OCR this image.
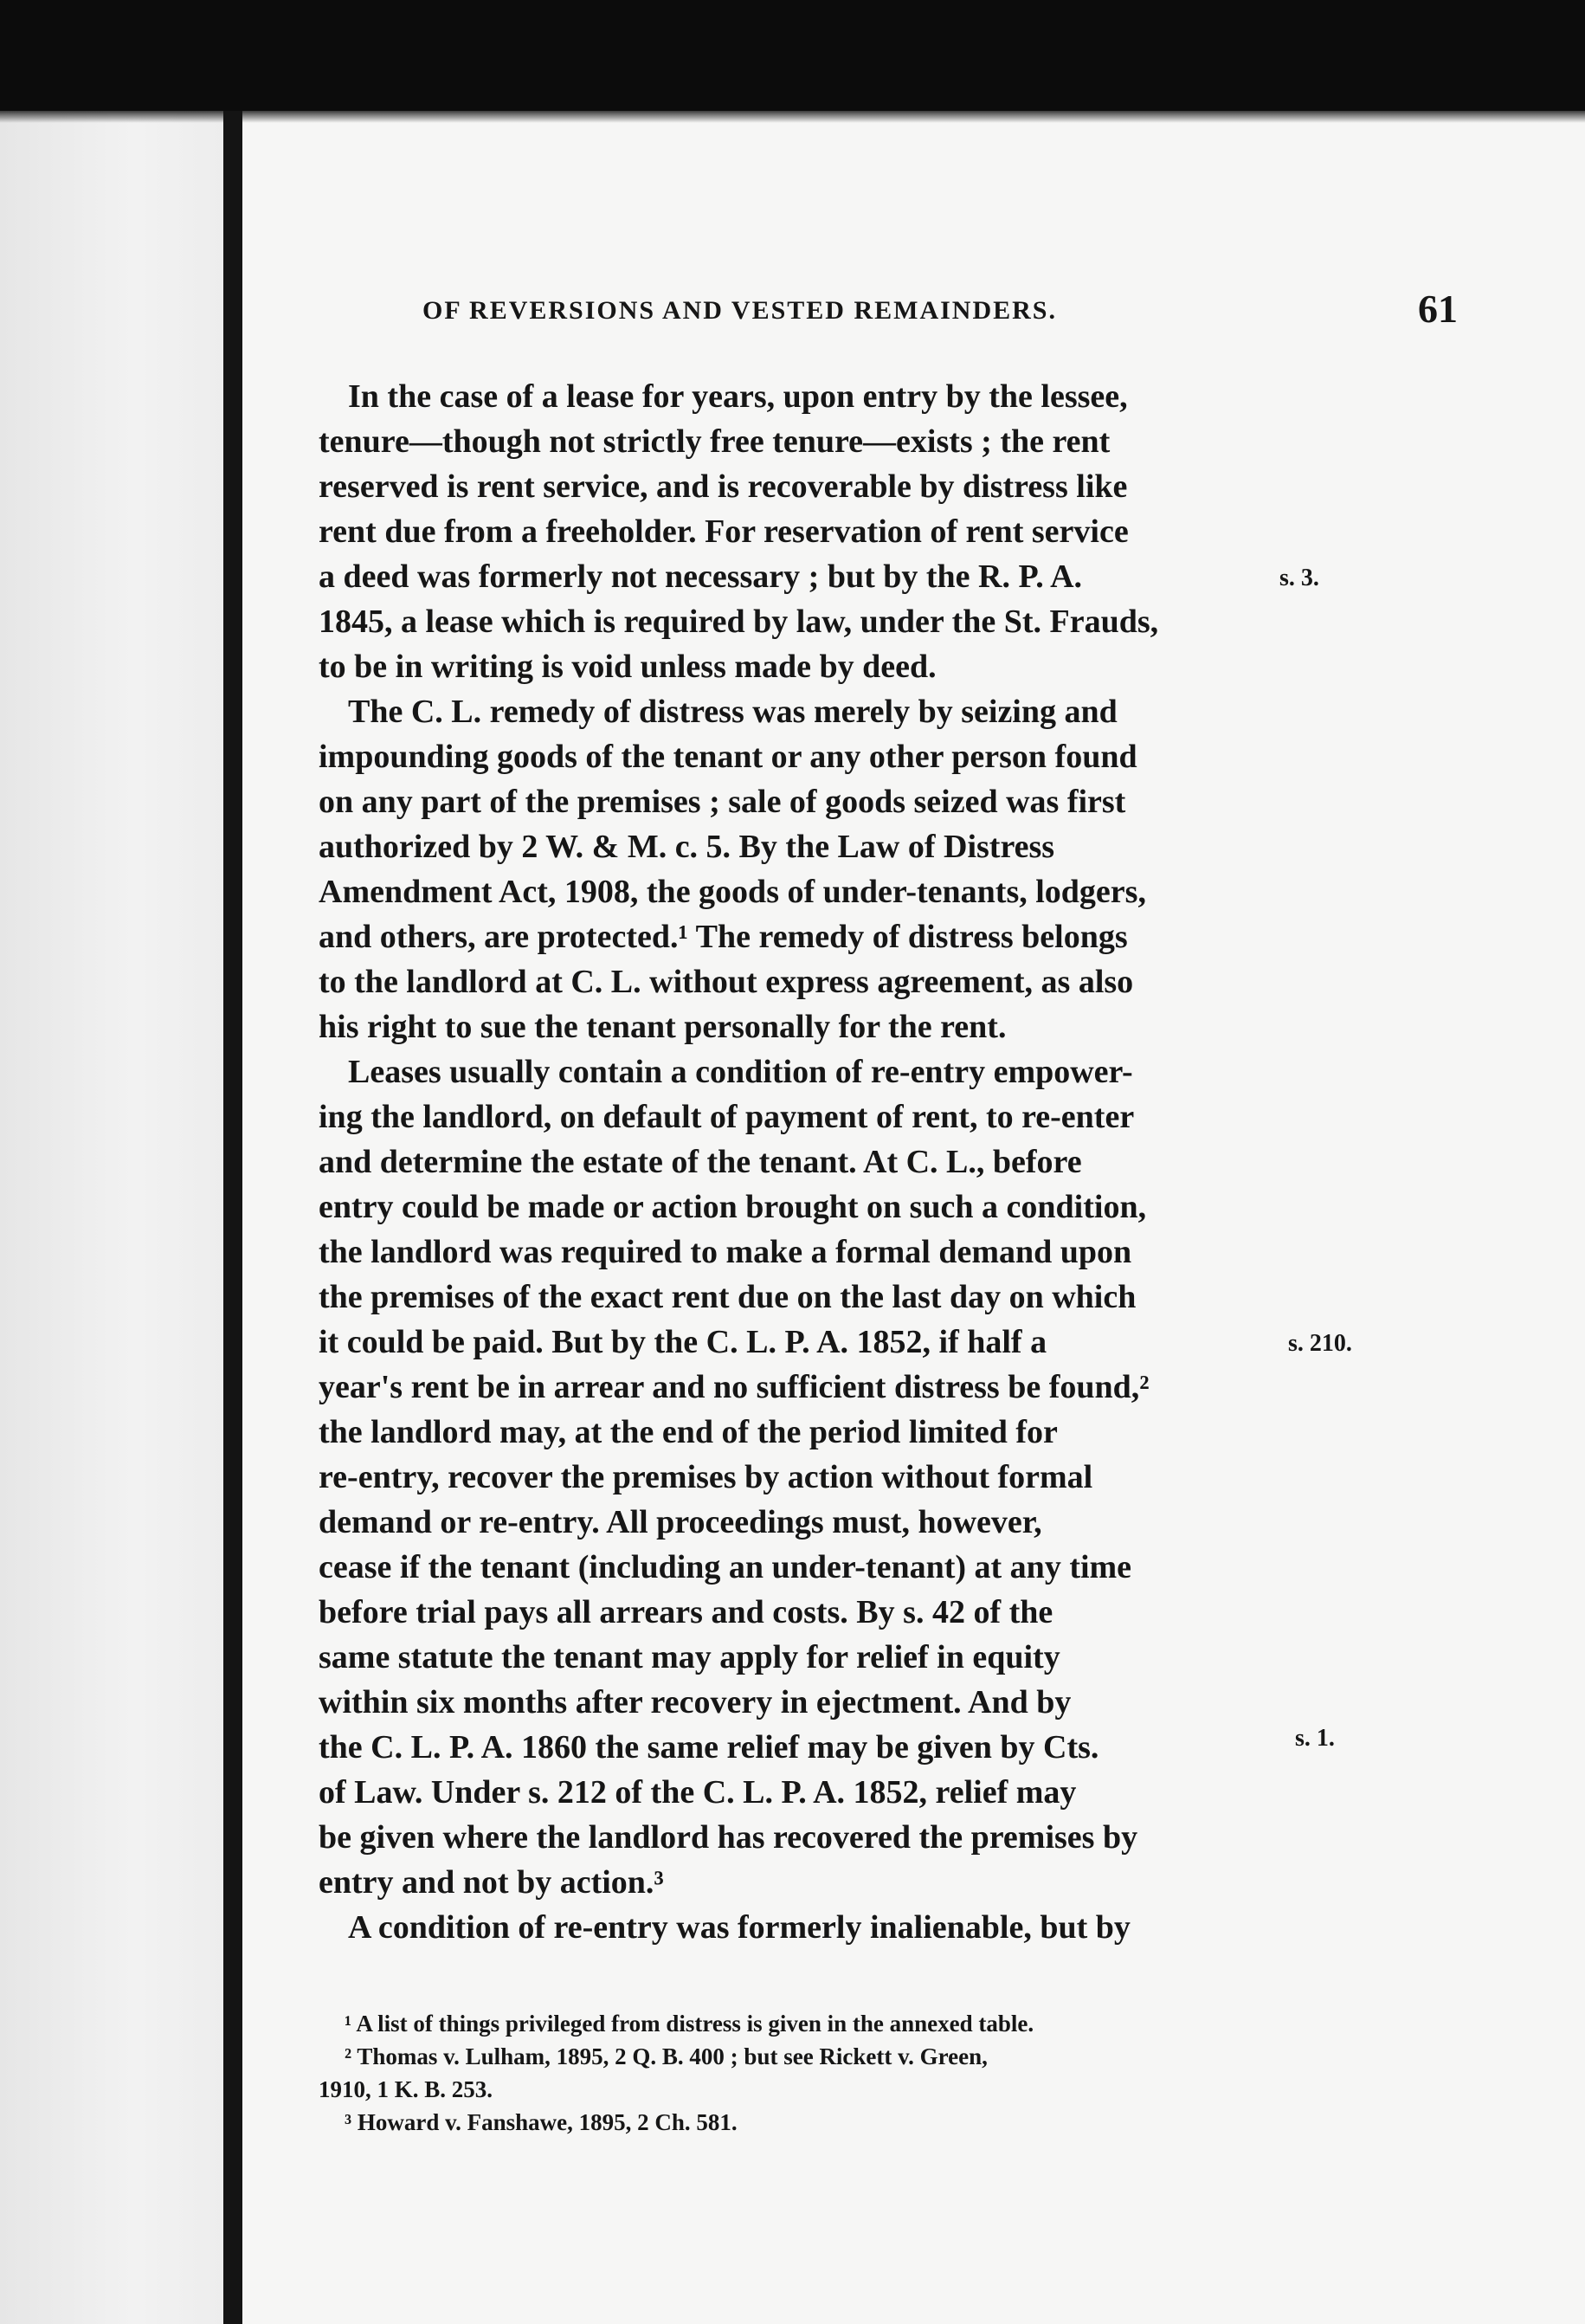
OF REVERSIONS AND VESTED REMAINDERS.	61
In the case of a lease for years, upon entry by the lessee,
tenure—though not strictly free tenure—exists ; the rent
reserved is rent service, and is recoverable by distress like
rent due from a freeholder. For reservation of rent service
a deed was formerly not necessary ; but by the R. P. A.
1845, a lease which is required by law, under the St. Frauds,
to be in writing is void unless made by deed.
The C. L. remedy of distress was merely by seizing and
impounding goods of the tenant or any other person found
on any part of the premises ; sale of goods seized was first
authorized by 2 W. & M. c. 5. By the Law of Distress
Amendment Act, 1908, the goods of under-tenants, lodgers,
and others, are protected.¹ The remedy of distress belongs
to the landlord at C. L. without express agreement, as also
his right to sue the tenant personally for the rent.
Leases usually contain a condition of re-entry empower-
ing the landlord, on default of payment of rent, to re-enter
and determine the estate of the tenant. At C. L., before
entry could be made or action brought on such a condition,
the landlord was required to make a formal demand upon
the premises of the exact rent due on the last day on which
it could be paid. But by the C. L. P. A. 1852, if half a
year's rent be in arrear and no sufficient distress be found,²
the landlord may, at the end of the period limited for
re-entry, recover the premises by action without formal
demand or re-entry. All proceedings must, however,
cease if the tenant (including an under-tenant) at any time
before trial pays all arrears and costs. By s. 42 of the
same statute the tenant may apply for relief in equity
within six months after recovery in ejectment. And by
the C. L. P. A. 1860 the same relief may be given by Cts.
of Law. Under s. 212 of the C. L. P. A. 1852, relief may
be given where the landlord has recovered the premises by
entry and not by action.³
A condition of re-entry was formerly inalienable, but by
s. 3.
s. 210.
s. 1.
¹ A list of things privileged from distress is given in the annexed table.
² Thomas v. Lulham, 1895, 2 Q. B. 400 ; but see Rickett v. Green,
1910, 1 K. B. 253.
³ Howard v. Fanshawe, 1895, 2 Ch. 581.
